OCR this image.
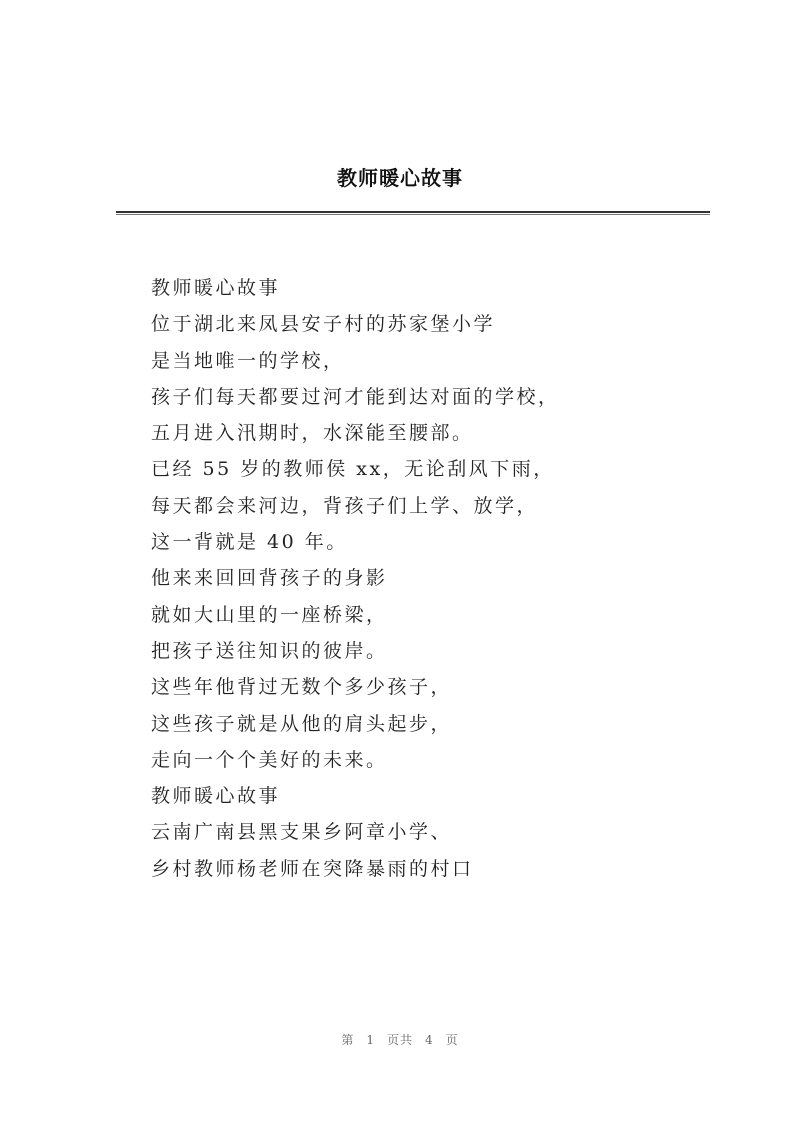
教师暖心故事
教师暖心故事
位于湖北来凤县安子村的苏家堡小学
是当地唯一的学校，
孩子们每天都要过河才能到达对面的学校，
五月进入汛期时，水深能至腰部。
已经 55 岁的教师侯 xx，无论刮风下雨，
每天都会来河边，背孩子们上学、放学，
这一背就是 40 年。
他来来回回背孩子的身影
就如大山里的一座桥梁，
把孩子送往知识的彼岸。
这些年他背过无数个多少孩子，
这些孩子就是从他的肩头起步，
走向一个个美好的未来。
教师暖心故事
云南广南县黑支果乡阿章小学、
乡村教师杨老师在突降暴雨的村口
第 1 页共 4 页
